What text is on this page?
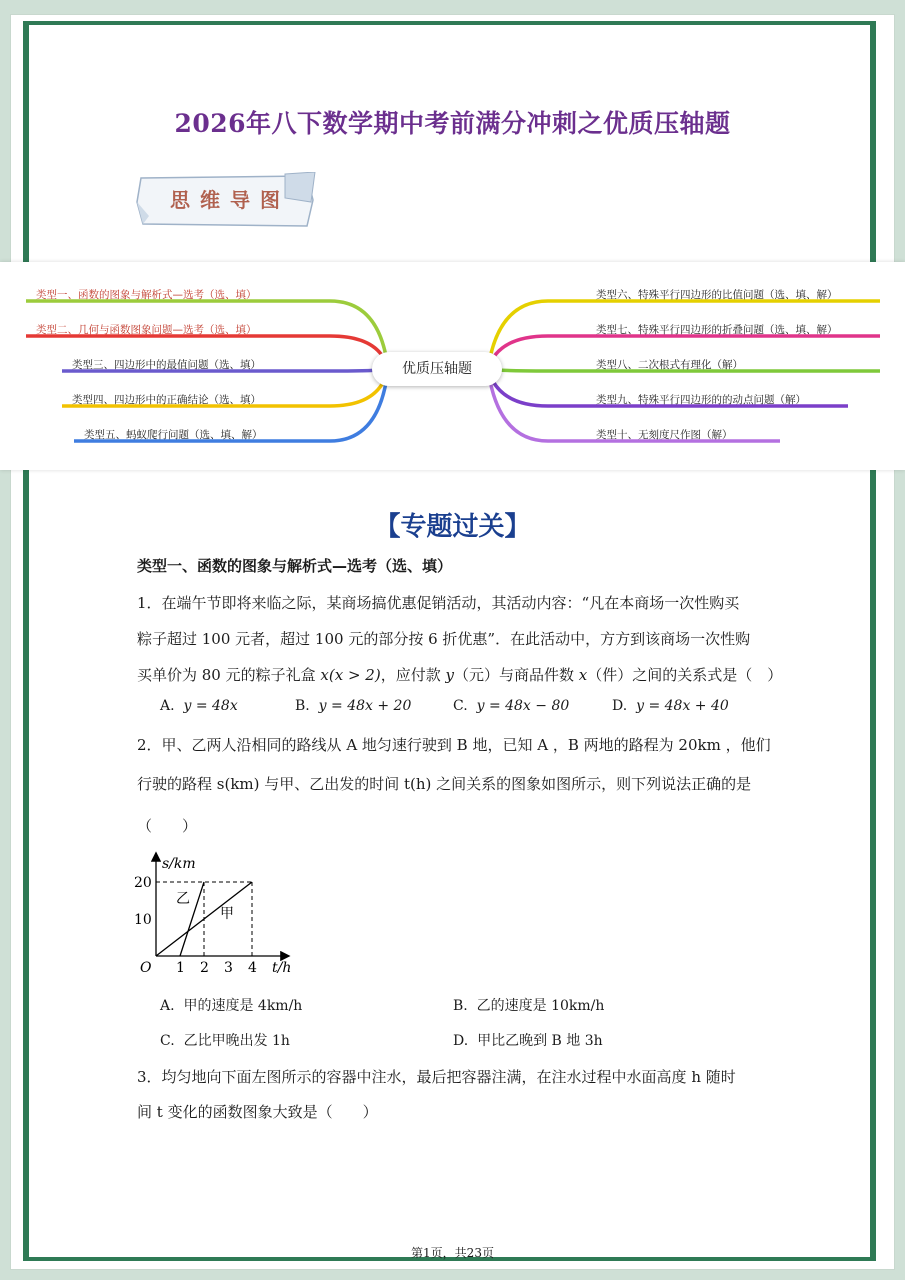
2026年八下数学期中考前满分冲刺之优质压轴题
思维导图
优质压轴题
类型一、函数的图象与解析式—选考（选、填）
类型二、几何与函数图象问题—选考（选、填）
类型三、四边形中的最值问题（选、填）
类型四、四边形中的正确结论（选、填）
类型五、蚂蚁爬行问题（选、填、解）
类型六、特殊平行四边形的比值问题（选、填、解）
类型七、特殊平行四边形的折叠问题（选、填、解）
类型八、二次根式有理化（解）
类型九、特殊平行四边形的的动点问题（解）
类型十、无刻度尺作图（解）
【专题过关】
类型一、函数的图象与解析式—选考（选、填）
1．在端午节即将来临之际，某商场搞优惠促销活动，其活动内容：“凡在本商场一次性购买
粽子超过 100 元者，超过 100 元的部分按 6 折优惠”．在此活动中，方方到该商场一次性购
买单价为 80 元的粽子礼盒 x(x > 2)，应付款 y（元）与商品件数 x（件）之间的关系式是（　）
A. y = 48x	B. y = 48x + 20	C. y = 48x − 80	D. y = 48x + 40
2．甲、乙两人沿相同的路线从 A 地匀速行驶到 B 地，已知 A ，B 两地的路程为 20km ，他们
行驶的路程 s(km) 与甲、乙出发的时间 t(h) 之间关系的图象如图所示，则下列说法正确的是
（　　）
s/km
t/h
O
20
10
1 2 3 4
乙
甲
A. 甲的速度是 4km/h	B. 乙的速度是 10km/h
C. 乙比甲晚出发 1h	D. 甲比乙晚到 B 地 3h
3．均匀地向下面左图所示的容器中注水，最后把容器注满，在注水过程中水面高度 h 随时
间 t 变化的函数图象大致是（　　）
第1页，共23页
